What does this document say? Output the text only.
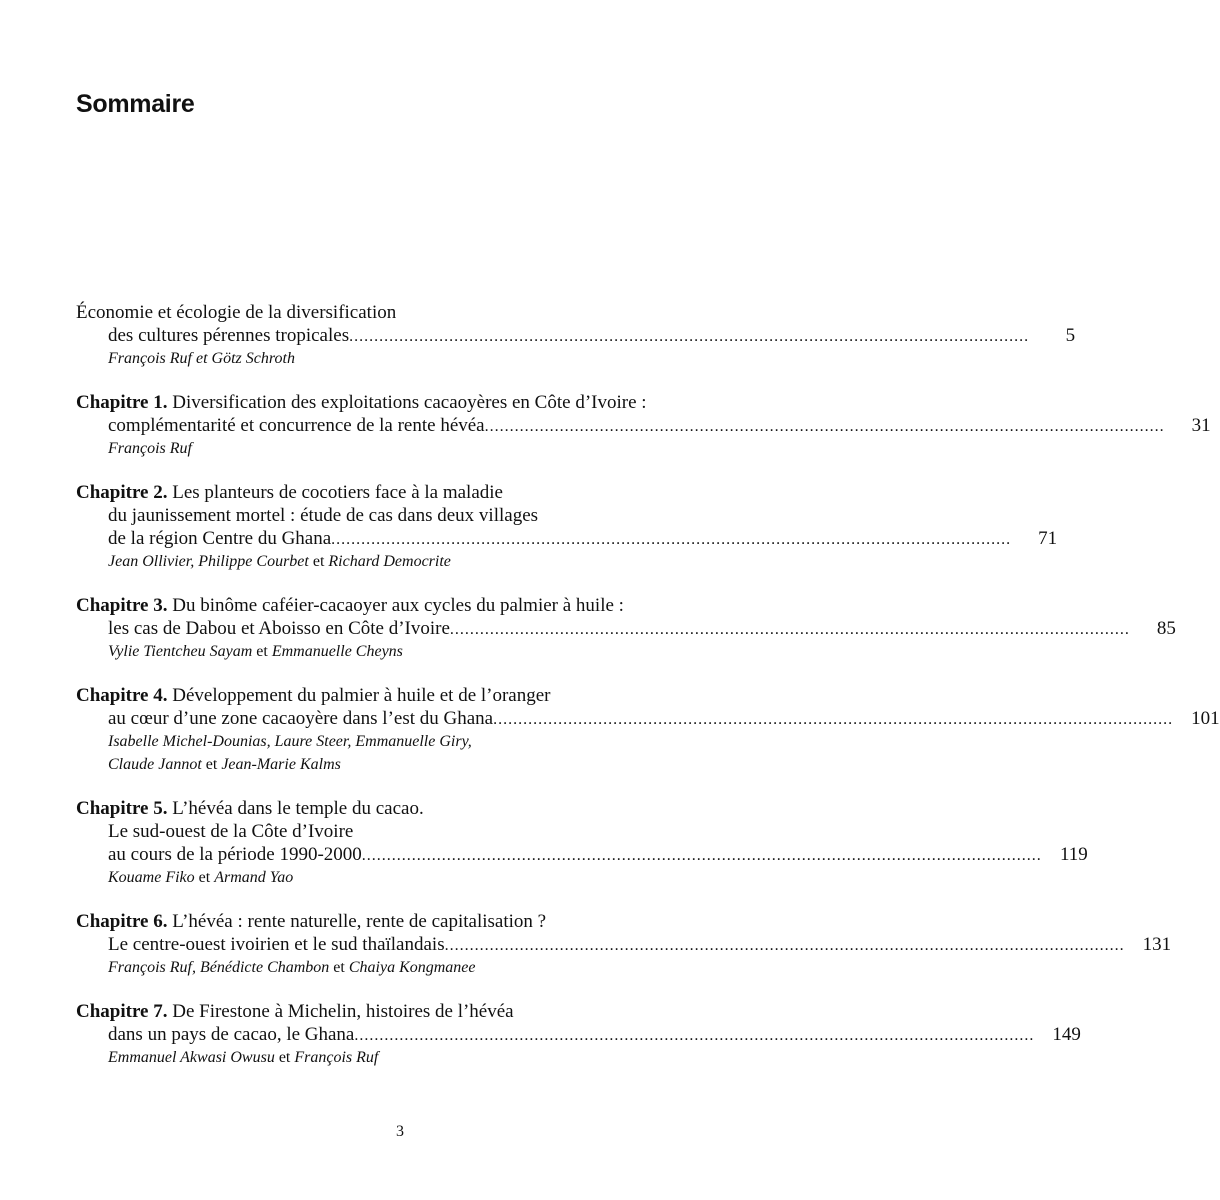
Sommaire
Économie et écologie de la diversification
des cultures pérennes tropicales ........................................................................................................................................	5
François Ruf et Götz Schroth
Chapitre 1. Diversification des exploitations cacaoyères en Côte d’Ivoire :
complémentarité et concurrence de la rente hévéa ........................................................................................................................................	31
François Ruf
Chapitre 2. Les planteurs de cocotiers face à la maladie
du jaunissement mortel : étude de cas dans deux villages
de la région Centre du Ghana ........................................................................................................................................	71
Jean Ollivier, Philippe Courbet et Richard Democrite
Chapitre 3. Du binôme caféier-cacaoyer aux cycles du palmier à huile :
les cas de Dabou et Aboisso en Côte d’Ivoire ........................................................................................................................................	85
Vylie Tientcheu Sayam et Emmanuelle Cheyns
Chapitre 4. Développement du palmier à huile et de l’oranger
au cœur d’une zone cacaoyère dans l’est du Ghana ........................................................................................................................................ 101
Isabelle Michel-Dounias, Laure Steer, Emmanuelle Giry,
Claude Jannot et Jean-Marie Kalms
Chapitre 5. L’hévéa dans le temple du cacao.
Le sud-ouest de la Côte d’Ivoire
au cours de la période 1990-2000 ........................................................................................................................................ 119
Kouame Fiko et Armand Yao
Chapitre 6. L’hévéa : rente naturelle, rente de capitalisation ?
Le centre-ouest ivoirien et le sud thaïlandais ........................................................................................................................................ 131
François Ruf, Bénédicte Chambon et Chaiya Kongmanee
Chapitre 7. De Firestone à Michelin, histoires de l’hévéa
dans un pays de cacao, le Ghana ........................................................................................................................................ 149
Emmanuel Akwasi Owusu et François Ruf
3
